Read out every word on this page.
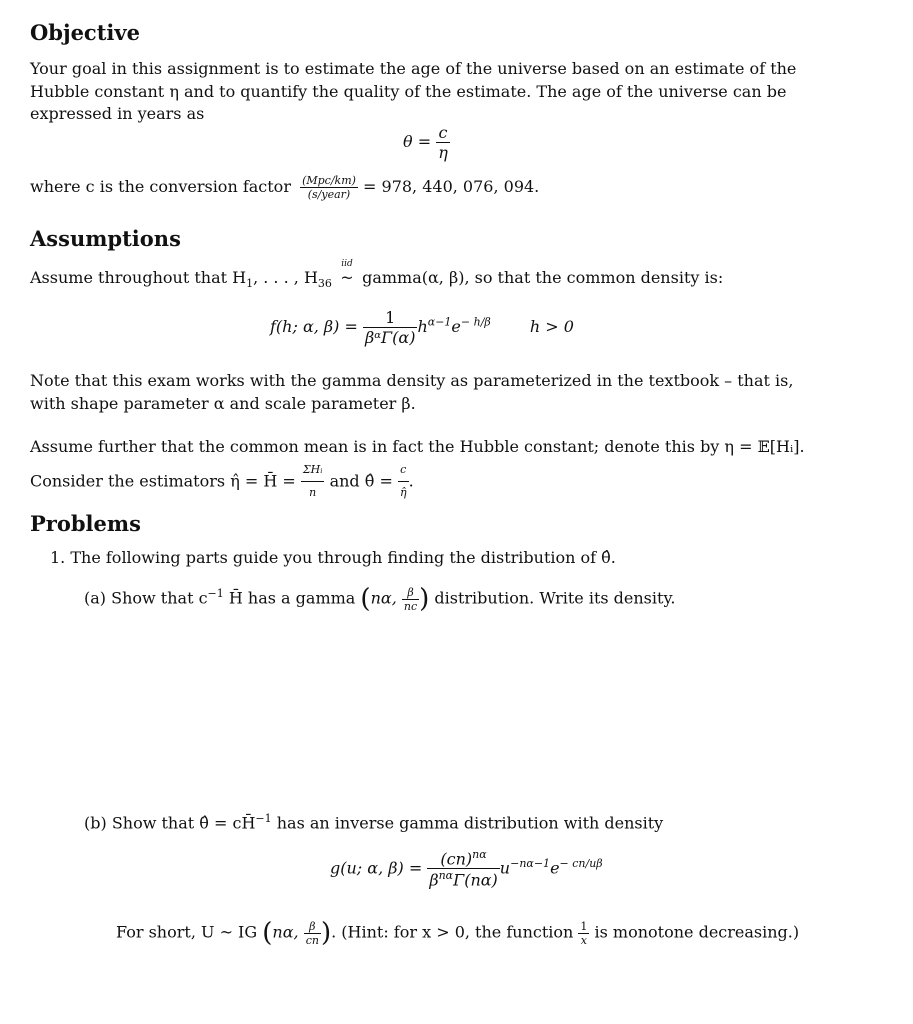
Objective
Your goal in this assignment is to estimate the age of the universe based on an estimate of the
Hubble constant η and to quantify the quality of the estimate. The age of the universe can be
expressed in years as
$\theta = \frac{c}{\eta}$
where c is the conversion factor $\frac{\text{(Mpc/km)}}{\text{(s/year)}} = 978$, 440, 076, 094.
Assumptions
Assume throughout that $H_1$, . . . , $H_{36}$
iid
~ gamma(α, β), so that the common density is:
f(h; α, $\beta) = \frac{1}{\text{βᵅΓ(α)}} h^{\alpha-1}e^{- h/\beta}$ h > 0
Note that this exam works with the gamma density as parameterized in the textbook – that is,
with shape parameter α and scale parameter β.
Assume further that the common mean is in fact the Hubble constant; denote this by η = 𝔼[Hᵢ].
Consider the estimators η̂ = H̄ = $\frac{\text{ΣHᵢ}}{n}$ and θ̂ = $\frac{c}{\etâ}$ .
Problems
1. The following parts guide you through finding the distribution of θ̂.
(a) Show that $c^{-1}$ H̄ has a gamma (nα, $\frac{\beta}{nc}$ ) distribution. Write its density.
(b) Show that θ̂ = cH̄$^{-1}$ has an inverse gamma distribution with density
g(u; α, $\beta) = \frac{(cn)^{n\alpha}}{\beta^{n\alpha}\Gamma(n\alpha)} u^{-n\alpha-1}e^{- cn/u\beta}$
For short, U ~ IG (nα, $\frac{\beta}{cn}$ ). (Hint: for x > 0, the function $\frac{1}{x}$ is monotone decreasing.)
